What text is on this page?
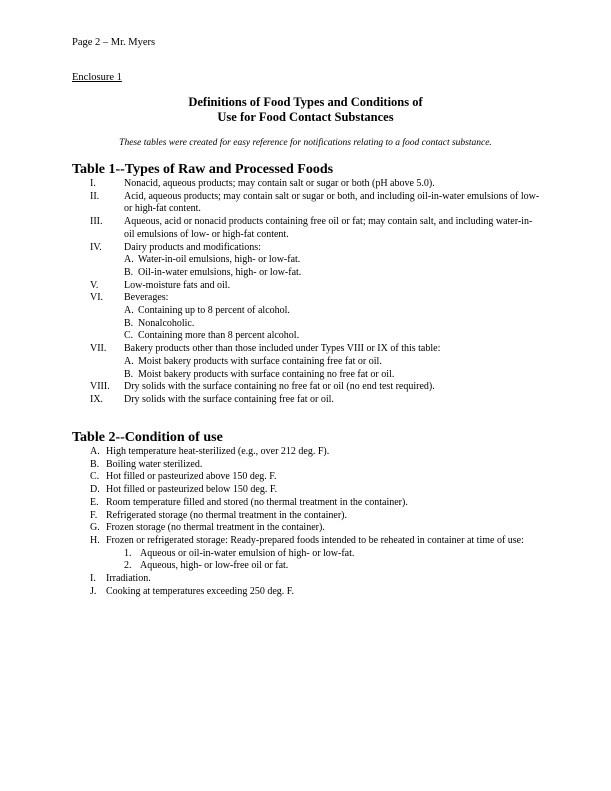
Page 2 – Mr. Myers
Enclosure 1
Definitions of Food Types and Conditions of
Use for Food Contact Substances
These tables were created for easy reference for notifications relating to a food contact substance.
Table 1--Types of Raw and Processed Foods
I.	Nonacid, aqueous products; may contain salt or sugar or both (pH above 5.0).
II.	Acid, aqueous products; may contain salt or sugar or both, and including oil-in-water emulsions of low- or high-fat content.
III.	Aqueous, acid or nonacid products containing free oil or fat; may contain salt, and including water-in-oil emulsions of low- or high-fat content.
IV.	Dairy products and modifications:
A. Water-in-oil emulsions, high- or low-fat.
B. Oil-in-water emulsions, high- or low-fat.
V.	Low-moisture fats and oil.
VI.	Beverages:
A. Containing up to 8 percent of alcohol.
B. Nonalcoholic.
C. Containing more than 8 percent alcohol.
VII.	Bakery products other than those included under Types VIII or IX of this table:
A. Moist bakery products with surface containing free fat or oil.
B. Moist bakery products with surface containing no free fat or oil.
VIII.	Dry solids with the surface containing no free fat or oil (no end test required).
IX.	Dry solids with the surface containing free fat or oil.
Table 2--Condition of use
A. High temperature heat-sterilized (e.g., over 212 deg. F).
B. Boiling water sterilized.
C. Hot filled or pasteurized above 150 deg. F.
D. Hot filled or pasteurized below 150 deg. F.
E. Room temperature filled and stored (no thermal treatment in the container).
F. Refrigerated storage (no thermal treatment in the container).
G. Frozen storage (no thermal treatment in the container).
H. Frozen or refrigerated storage: Ready-prepared foods intended to be reheated in container at time of use:
1. Aqueous or oil-in-water emulsion of high- or low-fat.
2. Aqueous, high- or low-free oil or fat.
I.	Irradiation.
J. Cooking at temperatures exceeding 250 deg. F.
